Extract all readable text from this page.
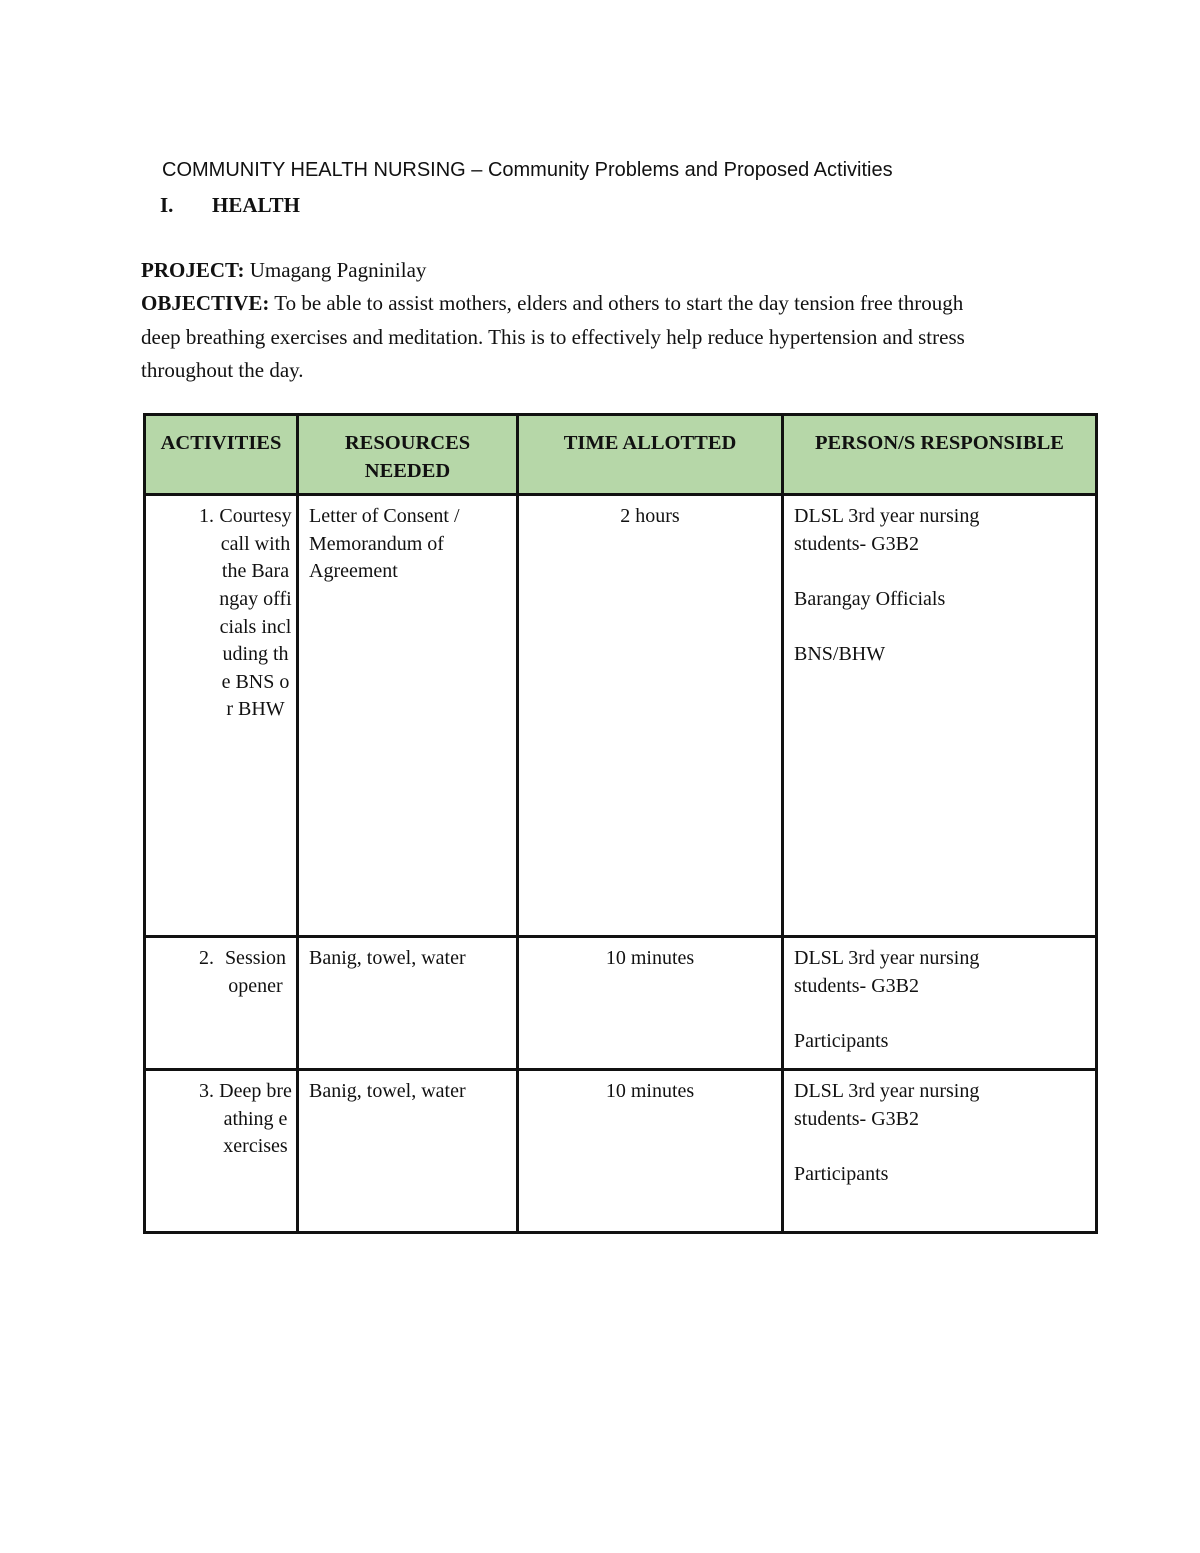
COMMUNITY HEALTH NURSING – Community Problems and Proposed Activities
I. HEALTH
PROJECT: Umagang Pagninilay
OBJECTIVE: To be able to assist mothers, elders and others to start the day tension free through
deep breathing exercises and meditation. This is to effectively help reduce hypertension and stress
throughout the day.
ACTIVITIES	RESOURCES NEEDED	TIME ALLOTTED	PERSON/S RESPONSIBLE

1. Courtesy call with the Barangay officials including the BNS or BHW	Letter of Consent /
Memorandum of
Agreement	2 hours	DLSL 3rd year nursing
students- G3B2
Barangay Officials
BNS/BHW

2. Session opener	Banig, towel, water	10 minutes	DLSL 3rd year nursing
students- G3B2
Participants

3. Deep breathing exercises	Banig, towel, water	10 minutes	DLSL 3rd year nursing
students- G3B2
Participants
